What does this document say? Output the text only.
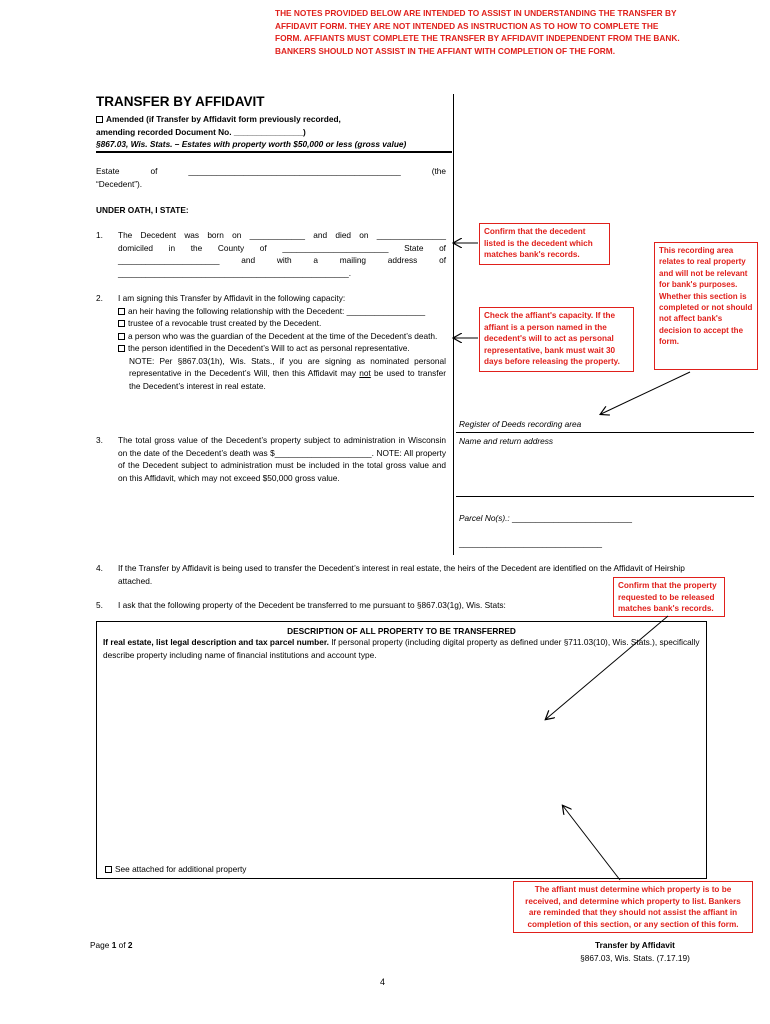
THE NOTES PROVIDED BELOW ARE INTENDED TO ASSIST IN UNDERSTANDING THE TRANSFER BY AFFIDAVIT FORM. THEY ARE NOT INTENDED AS INSTRUCTION AS TO HOW TO COMPLETE THE FORM. AFFIANTS MUST COMPLETE THE TRANSFER BY AFFIDAVIT INDEPENDENT FROM THE BANK. BANKERS SHOULD NOT ASSIST IN THE AFFIANT WITH COMPLETION OF THE FORM.
TRANSFER BY AFFIDAVIT
Amended (if Transfer by Affidavit form previously recorded,
amending recorded Document No. _______________)
§867.03, Wis. Stats. – Estates with property worth $50,000 or less (gross value)
Estate of ______________________________________________ (the
“Decedent”).
UNDER OATH, I STATE:
1. The Decedent was born on ____________ and died on _______________
domiciled in the County of _______________________ State of
______________________ and with a mailing address of
__________________________________________________.
2. I am signing this Transfer by Affidavit in the following capacity:
an heir having the following relationship with the Decedent: _________________
trustee of a revocable trust created by the Decedent.
a person who was the guardian of the Decedent at the time of the Decedent’s death.
the person identified in the Decedent’s Will to act as personal representative.
NOTE: Per §867.03(1h), Wis. Stats., if you are signing as nominated personal representative in the Decedent’s Will, then this Affidavit may not be used to transfer the Decedent’s interest in real estate.
3. The total gross value of the Decedent’s property subject to administration in Wisconsin on the date of the Decedent’s death was $_____________________. NOTE: All property of the Decedent subject to administration must be included in the total gross value and on this Affidavit, which may not exceed $50,000 gross value.
Register of Deeds recording area
Name and return address
Parcel No(s).: __________________________
_______________________________
4. If the Transfer by Affidavit is being used to transfer the Decedent’s interest in real estate, the heirs of the Decedent are identified on the Affidavit of Heirship attached.
5. I ask that the following property of the Decedent be transferred to me pursuant to §867.03(1g), Wis. Stats:
DESCRIPTION OF ALL PROPERTY TO BE TRANSFERRED
If real estate, list legal description and tax parcel number. If personal property (including digital property as defined under §711.03(10), Wis. Stats.), specifically describe property including name of financial institutions and account type.
See attached for additional property
Page 1 of 2	Transfer by Affidavit
§867.03, Wis. Stats. (7.17.19)
4
Confirm that the decedent listed is the decedent which matches bank's records.	This recording area relates to real property and will not be relevant for bank's purposes. Whether this section is completed or not should not affect bank's decision to accept the form.
Check the affiant's capacity. If the affiant is a person named in the decedent's will to act as personal representative, bank must wait 30 days before releasing the property.
Confirm that the property requested to be released matches bank's records.
The affiant must determine which property is to be received, and determine which property to list. Bankers are reminded that they should not assist the affiant in completion of this section, or any section of this form.
